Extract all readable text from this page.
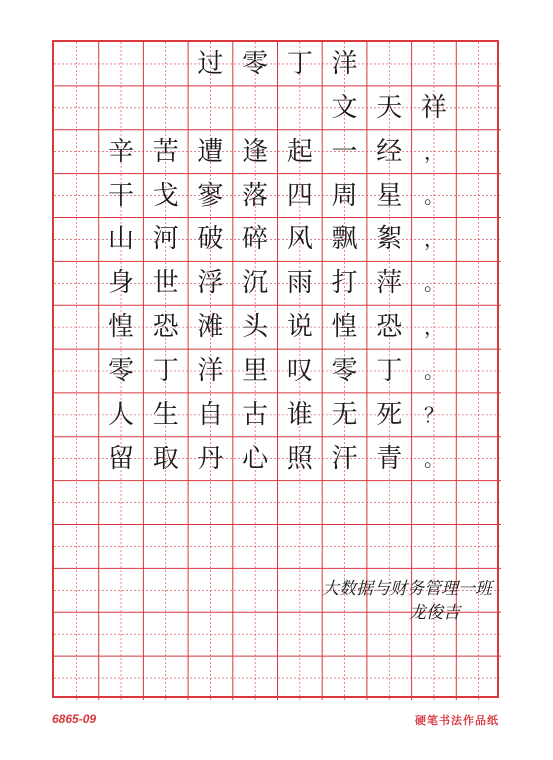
过 零 丁 洋
文 天 祥
辛
干
山
身
惶
零
人
留
苦
戈
河
世
恐
丁
生
取
遭
寥
破
浮
滩
洋
自
丹
逢
落
碎
沉
头
里
古
心
起
四
风
雨
说
叹
谁
照
一
周
飘
打
惶
零
无
汗
经
星
絮
萍
恐
丁
死
青
，
。
，
。
，
。
？
。
大数据与财务管理一班
龙俊吉
6865-09	硬笔书法作品纸
